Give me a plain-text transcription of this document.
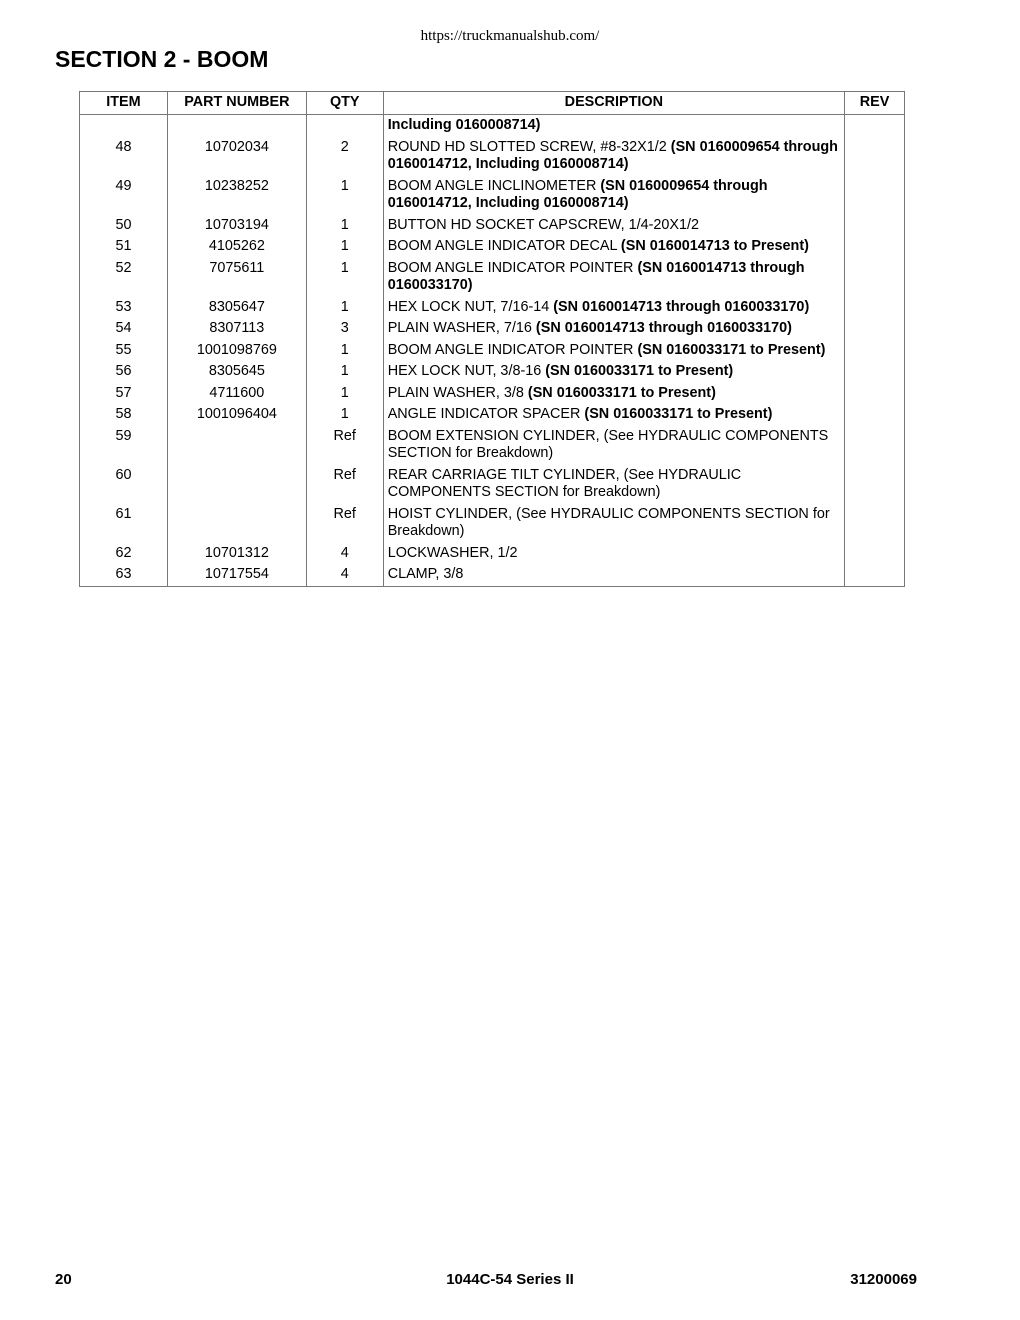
https://truckmanualshub.com/
SECTION 2 - BOOM
ITEM	PART NUMBER	QTY	DESCRIPTION	REV
			Including 0160008714)	
48	10702034	2	ROUND HD SLOTTED SCREW, #8-32X1/2 (SN 0160009654 through 0160014712, Including 0160008714)	
49	10238252	1	BOOM ANGLE INCLINOMETER (SN 0160009654 through 0160014712, Including 0160008714)	
50	10703194	1	BUTTON HD SOCKET CAPSCREW, 1/4-20X1/2	
51	4105262	1	BOOM ANGLE INDICATOR DECAL (SN 0160014713 to Present)	
52	7075611	1	BOOM ANGLE INDICATOR POINTER (SN 0160014713 through 0160033170)	
53	8305647	1	HEX LOCK NUT, 7/16-14 (SN 0160014713 through 0160033170)	
54	8307113	3	PLAIN WASHER, 7/16 (SN 0160014713 through 0160033170)	
55	1001098769	1	BOOM ANGLE INDICATOR POINTER (SN 0160033171 to Present)	
56	8305645	1	HEX LOCK NUT, 3/8-16 (SN 0160033171 to Present)	
57	4711600	1	PLAIN WASHER, 3/8 (SN 0160033171 to Present)	
58	1001096404	1	ANGLE INDICATOR SPACER (SN 0160033171 to Present)	
59		Ref	BOOM EXTENSION CYLINDER, (See HYDRAULIC COMPONENTS SECTION for Breakdown)	
60		Ref	REAR CARRIAGE TILT CYLINDER, (See HYDRAULIC COMPONENTS SECTION for Breakdown)	
61		Ref	HOIST CYLINDER, (See HYDRAULIC COMPONENTS SECTION for Breakdown)	
62	10701312	4	LOCKWASHER, 1/2	
63	10717554	4	CLAMP, 3/8	
20	1044C-54 Series II	31200069
